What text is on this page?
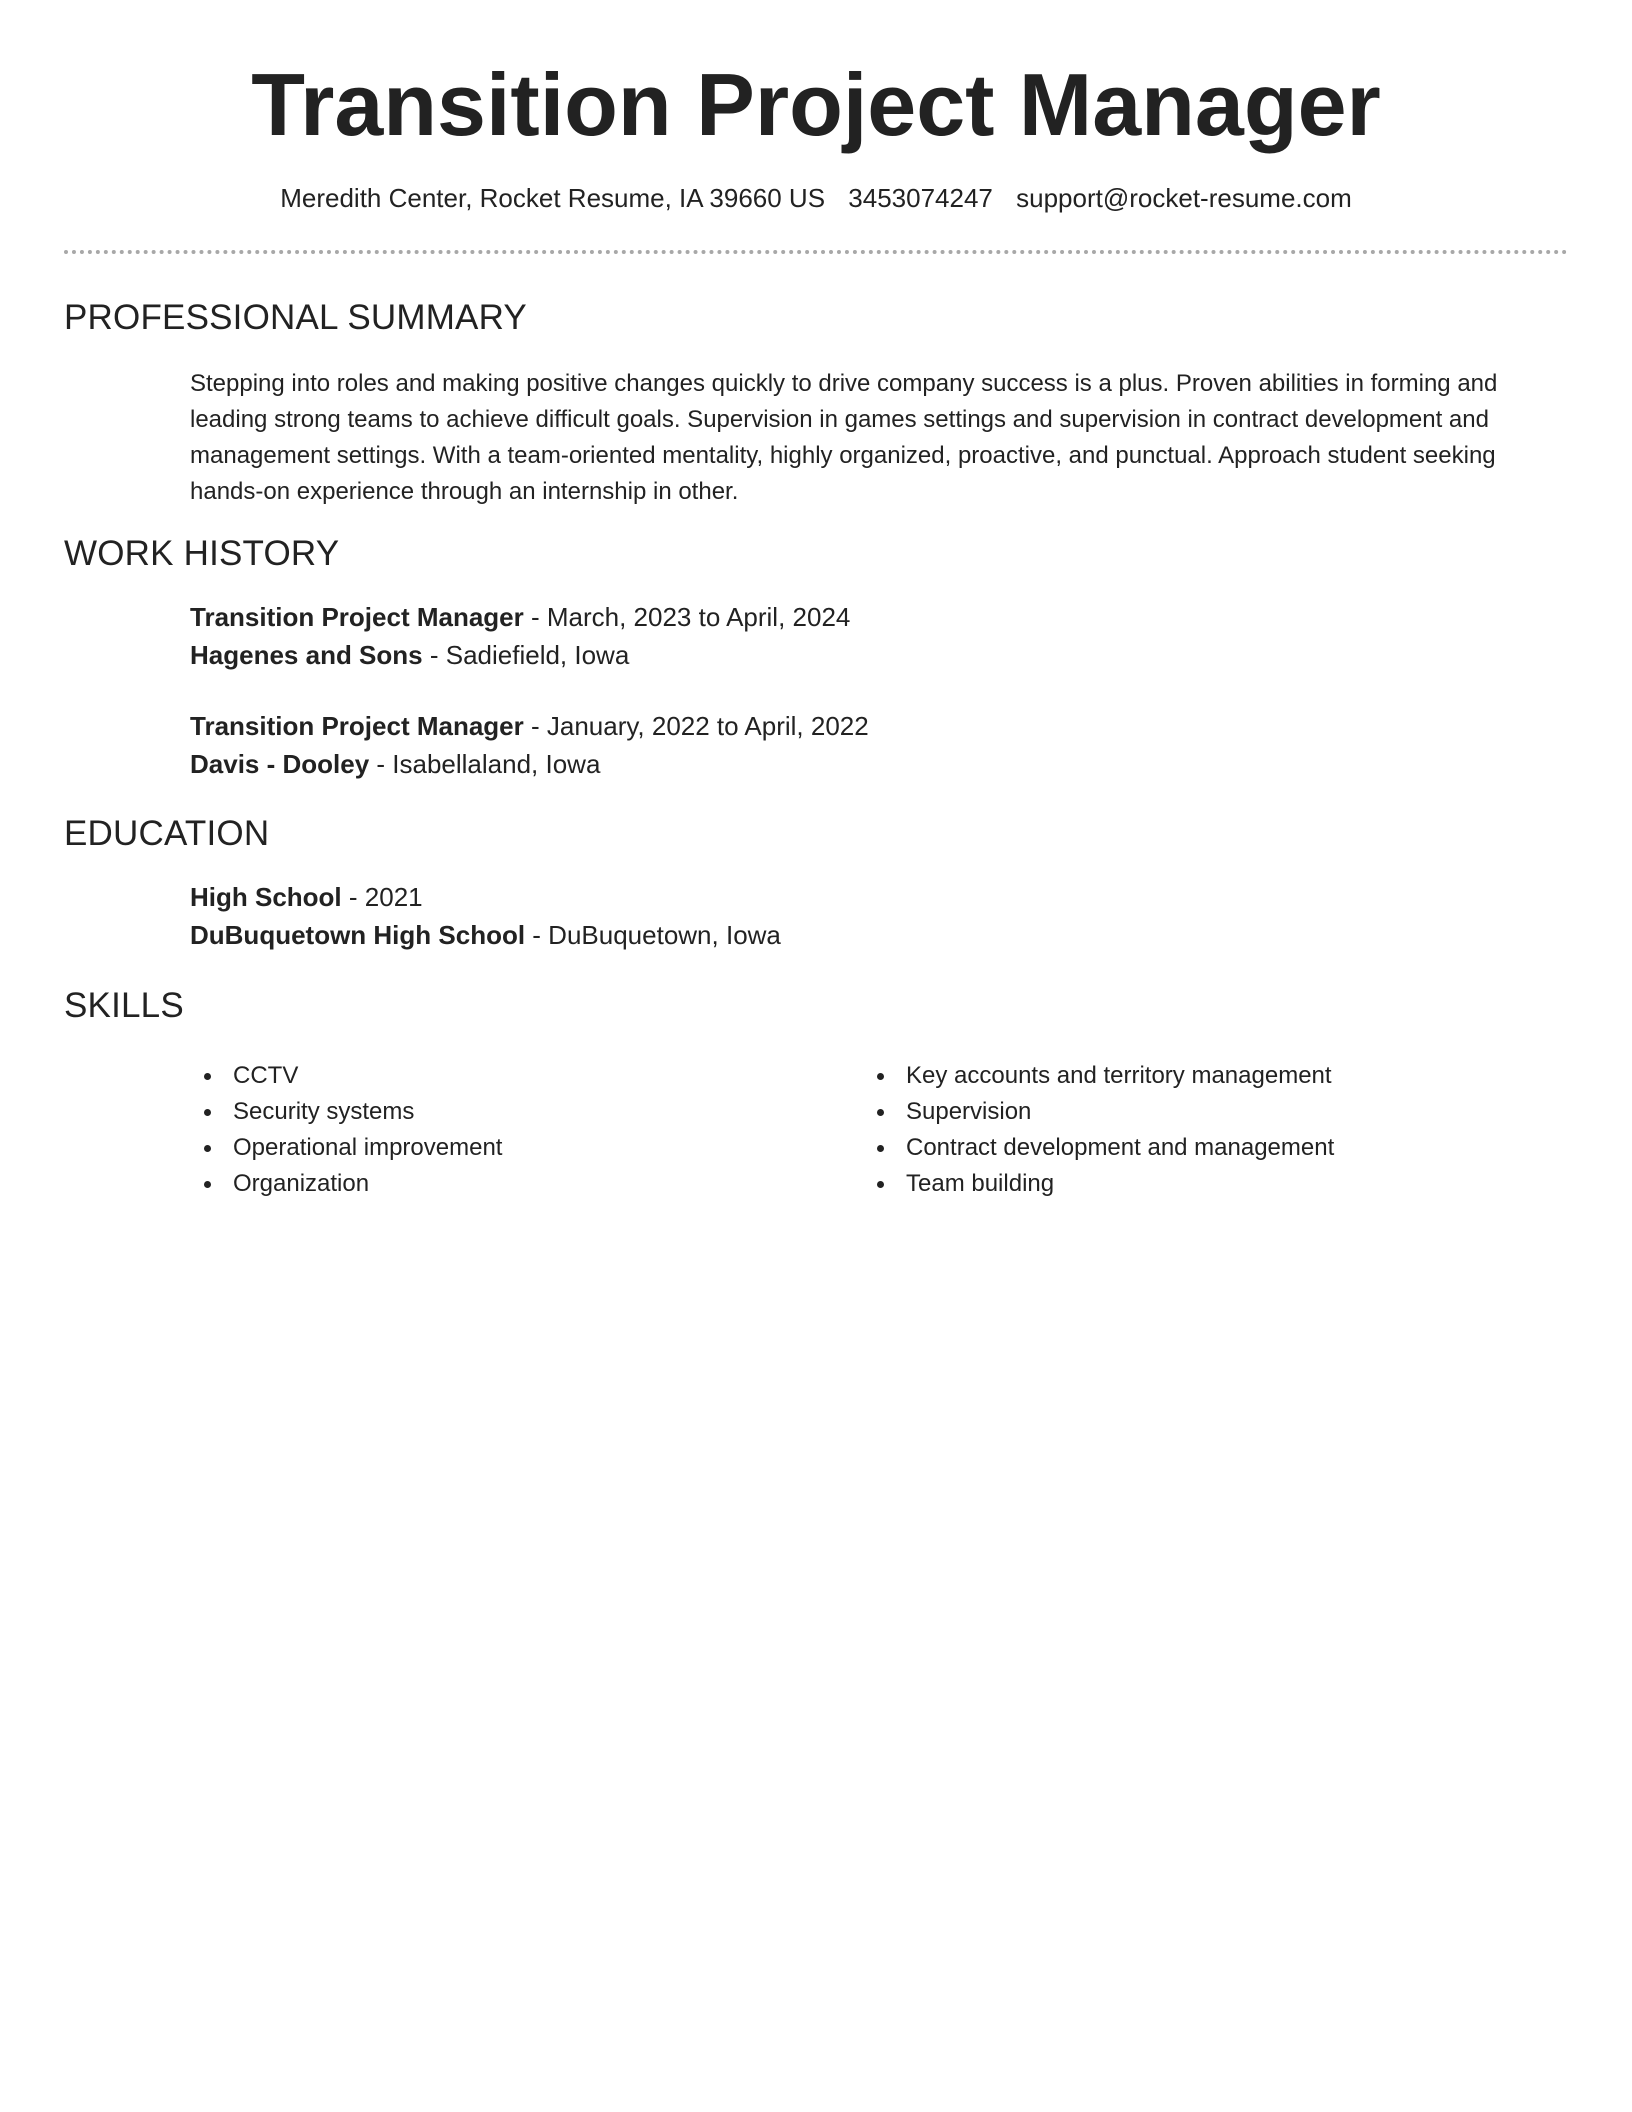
Transition Project Manager
Meredith Center, Rocket Resume, IA 39660 US 3453074247 support@rocket-resume.com
PROFESSIONAL SUMMARY

Stepping into roles and making positive changes quickly to drive company success is a plus. Proven abilities in forming and leading strong teams to achieve difficult goals. Supervision in games settings and supervision in contract development and management settings. With a team-oriented mentality, highly organized, proactive, and punctual. Approach student seeking hands-on experience through an internship in other.

WORK HISTORY
Transition Project Manager - March, 2023 to April, 2024
Hagenes and Sons - Sadiefield, Iowa
Transition Project Manager - January, 2022 to April, 2022
Davis - Dooley - Isabellaland, Iowa
EDUCATION
High School - 2021
DuBuquetown High School - DuBuquetown, Iowa
SKILLS
CCTV
Security systems
Operational improvement
Organization
Key accounts and territory management
Supervision
Contract development and management
Team building
